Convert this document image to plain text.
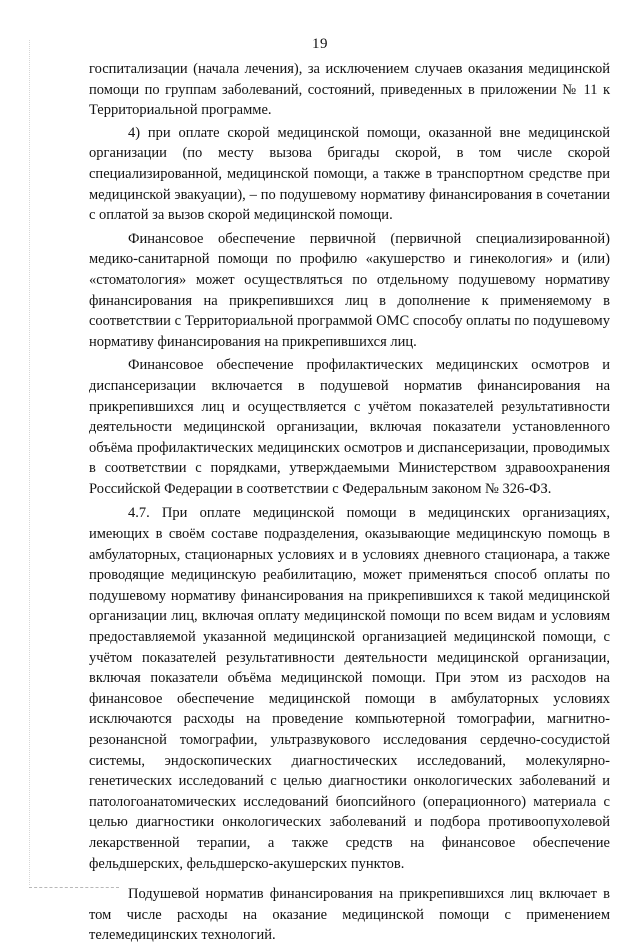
19

госпитализации (начала лечения), за исключением случаев оказания медицинской помощи по группам заболеваний, состояний, приведенных в приложении № 11 к Территориальной программе.

4) при оплате скорой медицинской помощи, оказанной вне медицинской организации (по месту вызова бригады скорой, в том числе скорой специализированной, медицинской помощи, а также в транспортном средстве при медицинской эвакуации), – по подушевому нормативу финансирования в сочетании с оплатой за вызов скорой медицинской помощи.

Финансовое обеспечение первичной (первичной специализированной) медико-санитарной помощи по профилю «акушерство и гинекология» и (или) «стоматология» может осуществляться по отдельному подушевому нормативу финансирования на прикрепившихся лиц в дополнение к применяемому в соответствии с Территориальной программой ОМС способу оплаты по подушевому нормативу финансирования на прикрепившихся лиц.

Финансовое обеспечение профилактических медицинских осмотров и диспансеризации включается в подушевой норматив финансирования на прикрепившихся лиц и осуществляется с учётом показателей результативности деятельности медицинской организации, включая показатели установленного объёма профилактических медицинских осмотров и диспансеризации, проводимых в соответствии с порядками, утверждаемыми Министерством здравоохранения Российской Федерации в соответствии с Федеральным законом № 326-ФЗ.

4.7. При оплате медицинской помощи в медицинских организациях, имеющих в своём составе подразделения, оказывающие медицинскую помощь в амбулаторных, стационарных условиях и в условиях дневного стационара, а также проводящие медицинскую реабилитацию, может применяться способ оплаты по подушевому нормативу финансирования на прикрепившихся к такой медицинской организации лиц, включая оплату медицинской помощи по всем видам и условиям предоставляемой указанной медицинской организацией медицинской помощи, с учётом показателей результативности деятельности медицинской организации, включая показатели объёма медицинской помощи. При этом из расходов на финансовое обеспечение медицинской помощи в амбулаторных условиях исключаются расходы на проведение компьютерной томографии, магнитно-резонансной томографии, ультразвукового исследования сердечно-сосудистой системы, эндоскопических диагностических исследований, молекулярно-генетических исследований с целью диагностики онкологических заболеваний и патологоанатомических исследований биопсийного (операционного) материала с целью диагностики онкологических заболеваний и подбора противоопухолевой лекарственной терапии, а также средств на финансовое обеспечение фельдшерских, фельдшерско-акушерских пунктов.

Подушевой норматив финансирования на прикрепившихся лиц включает в том числе расходы на оказание медицинской помощи с применением телемедицинских технологий.
